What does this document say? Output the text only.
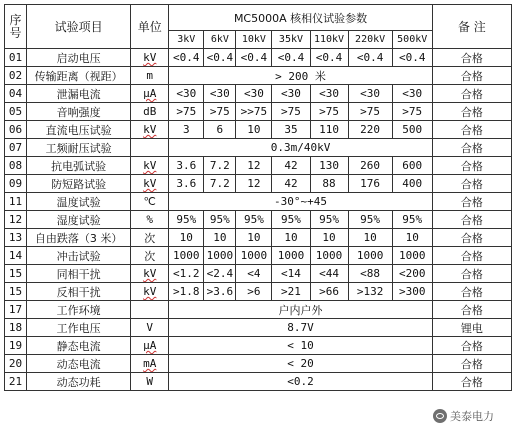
序
号	试验项目	单位	MC5000A 核相仪试验参数							备 注
			3kV	6kV	10kV	35kV	110kV	220kV	500kV	
01	启动电压	kV	<0.4	<0.4	<0.4	<0.4	<0.4	<0.4	<0.4	合格
02	传输距离（视距）	m	> 200 米							合格
04	泄漏电流	μA	<30	<30	<30	<30	<30	<30	<30	合格
05	音响强度	dB	>75	>75	>>75	>75	>75	>75	>75	合格
06	直流电压试验	kV	3	6	10	35	110	220	500	合格
07	工频耐压试验		0.3m/40kV							合格
08	抗电弧试验	kV	3.6	7.2	12	42	130	260	600	合格
09	防短路试验	kV	3.6	7.2	12	42	88	176	400	合格
11	温度试验	℃	-30°~+45							合格
12	湿度试验	%	95%	95%	95%	95%	95%	95%	95%	合格
13	自由跌落（3 米）	次	10	10	10	10	10	10	10	合格
14	冲击试验	次	1000	1000	1000	1000	1000	1000	1000	合格
15	同相干扰	kV	<1.2	<2.4	<4	<14	<44	<88	<200	合格
15	反相干扰	kV	>1.8	>3.6	>6	>21	>66	>132	>300	合格
17	工作环境		户内户外							合格
18	工作电压	V	8.7V							锂电
19	静态电流	μA	< 10							合格
20	动态电流	mA	< 20							合格
21	动态功耗	W	<0.2							合格
美泰电力
